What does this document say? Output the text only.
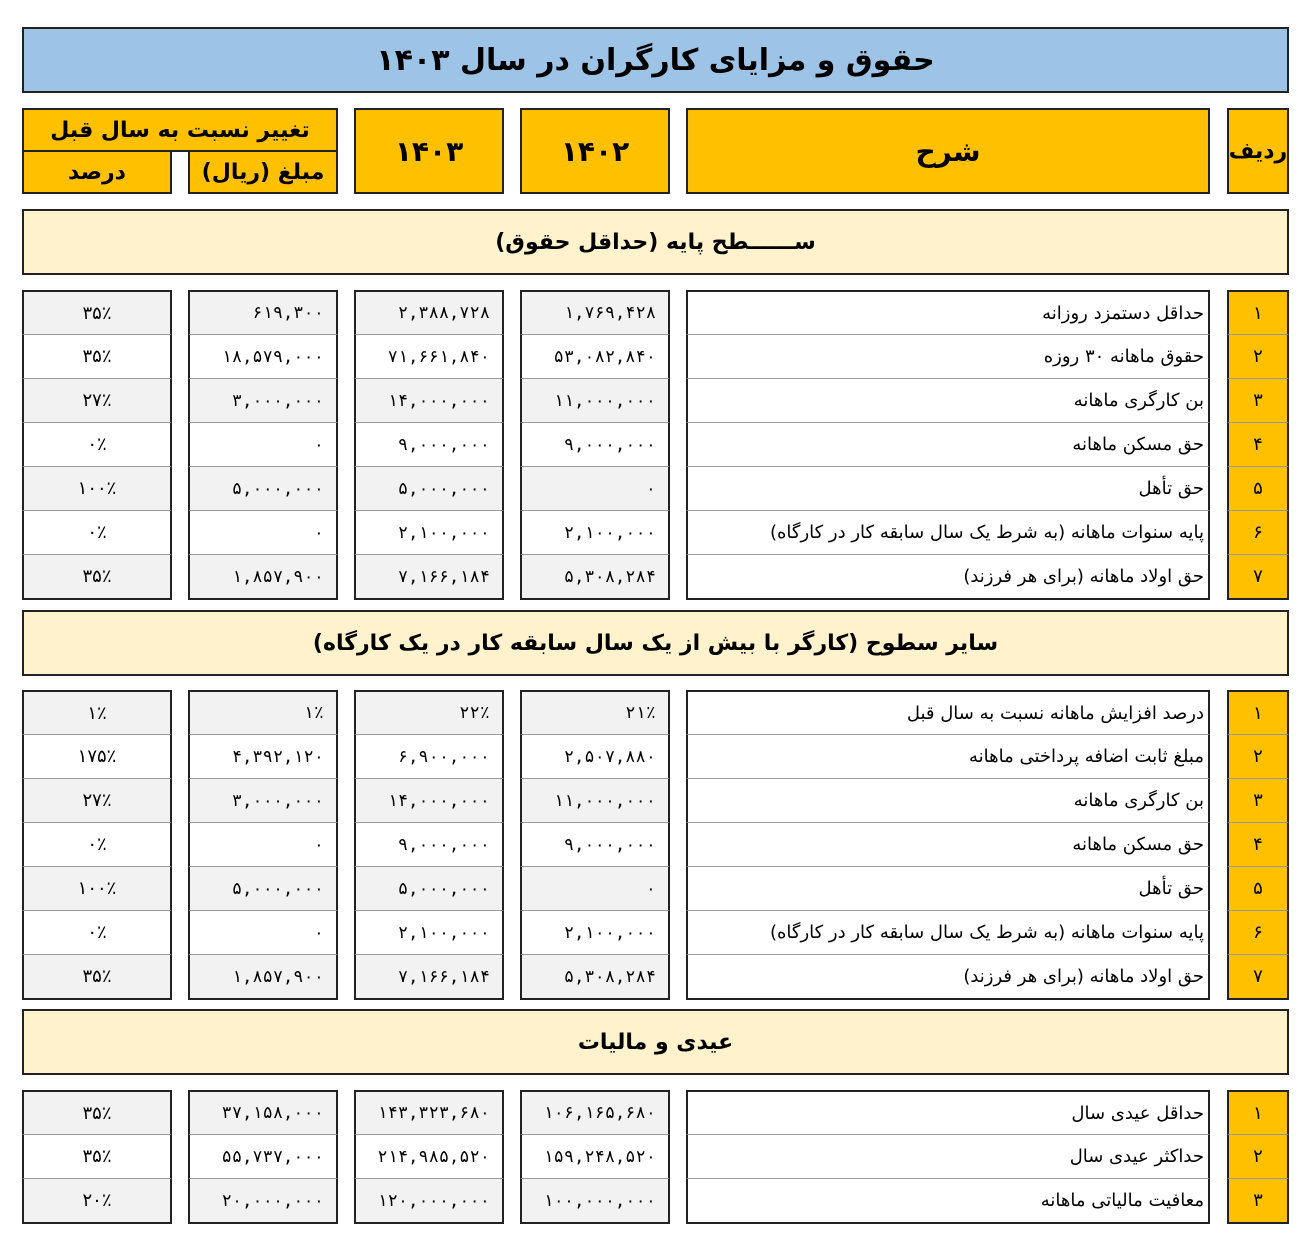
حقوق و مزایای کارگران در سال ۱۴۰۳
ردیف
شرح
۱۴۰۲
۱۴۰۳
تغییر نسبت به سال قبل
مبلغ (ریال)
درصد
ســــــطح پایه (حداقل حقوق)
سایر سطوح (کارگر با بیش از یک سال سابقه کار در یک کارگاه)
عیدی و مالیات
۱
حداقل دستمزد روزانه
۱,۷۶۹,۴۲۸
۲,۳۸۸,۷۲۸
۶۱۹,۳۰۰
۳۵٪
۲
حقوق ماهانه ۳۰ روزه
۵۳,۰۸۲,۸۴۰
۷۱,۶۶۱,۸۴۰
۱۸,۵۷۹,۰۰۰
۳۵٪
۳
بن کارگری ماهانه
۱۱,۰۰۰,۰۰۰
۱۴,۰۰۰,۰۰۰
۳,۰۰۰,۰۰۰
۲۷٪
۴
حق مسکن ماهانه
۹,۰۰۰,۰۰۰
۹,۰۰۰,۰۰۰
۰
۰٪
۵
حق تأهل
۰
۵,۰۰۰,۰۰۰
۵,۰۰۰,۰۰۰
۱۰۰٪
۶
پایه سنوات ماهانه (به شرط یک سال سابقه کار در کارگاه)
۲,۱۰۰,۰۰۰
۲,۱۰۰,۰۰۰
۰
۰٪
۷
حق اولاد ماهانه (برای هر فرزند)
۵,۳۰۸,۲۸۴
۷,۱۶۶,۱۸۴
۱,۸۵۷,۹۰۰
۳۵٪
۱
درصد افزایش ماهانه نسبت به سال قبل
۲۱٪
۲۲٪
۱٪
۱٪
۲
مبلغ ثابت اضافه پرداختی ماهانه
۲,۵۰۷,۸۸۰
۶,۹۰۰,۰۰۰
۴,۳۹۲,۱۲۰
۱۷۵٪
۳
بن کارگری ماهانه
۱۱,۰۰۰,۰۰۰
۱۴,۰۰۰,۰۰۰
۳,۰۰۰,۰۰۰
۲۷٪
۴
حق مسکن ماهانه
۹,۰۰۰,۰۰۰
۹,۰۰۰,۰۰۰
۰
۰٪
۵
حق تأهل
۰
۵,۰۰۰,۰۰۰
۵,۰۰۰,۰۰۰
۱۰۰٪
۶
پایه سنوات ماهانه (به شرط یک سال سابقه کار در کارگاه)
۲,۱۰۰,۰۰۰
۲,۱۰۰,۰۰۰
۰
۰٪
۷
حق اولاد ماهانه (برای هر فرزند)
۵,۳۰۸,۲۸۴
۷,۱۶۶,۱۸۴
۱,۸۵۷,۹۰۰
۳۵٪
۱
حداقل عیدی سال
۱۰۶,۱۶۵,۶۸۰
۱۴۳,۳۲۳,۶۸۰
۳۷,۱۵۸,۰۰۰
۳۵٪
۲
حداکثر عیدی سال
۱۵۹,۲۴۸,۵۲۰
۲۱۴,۹۸۵,۵۲۰
۵۵,۷۳۷,۰۰۰
۳۵٪
۳
معافیت مالیاتی ماهانه
۱۰۰,۰۰۰,۰۰۰
۱۲۰,۰۰۰,۰۰۰
۲۰,۰۰۰,۰۰۰
۲۰٪
